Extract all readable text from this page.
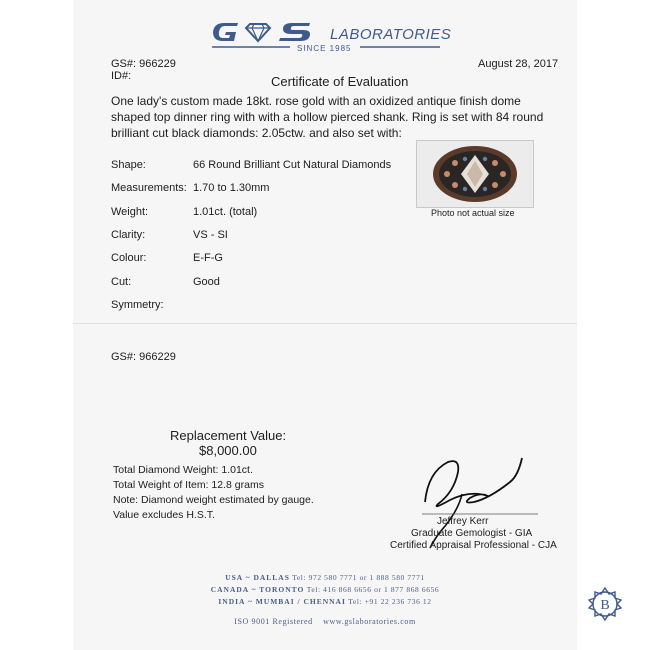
LABORATORIES
SINCE 1985
GS#: 966229
ID#:
August 28, 2017
Certificate of Evaluation
One lady's custom made 18kt. rose gold with an oxidized antique finish dome
shaped top dinner ring with with a hollow pierced shank. Ring is set with 84 round
brilliant cut black diamonds: 2.05ctw. and also set with:
Shape:	66 Round Brilliant Cut Natural Diamonds
Measurements: 1.70 to 1.30mm
Weight:	1.01ct. (total)
Clarity:	VS - SI
Colour:	E-F-G
Cut:	Good
Symmetry:
Photo not actual size
GS#: 966229
Replacement Value:
$8,000.00
Total Diamond Weight: 1.01ct.
Total Weight of Item: 12.8 grams
Note: Diamond weight estimated by gauge.
Value excludes H.S.T.
Jeffrey Kerr
Graduate Gemologist - GIA
Certified Appraisal Professional - CJA
USA ~ DALLAS Tel: 972 580 7771 or 1 888 580 7771
CANADA ~ TORONTO Tel: 416 868 6656 or 1 877 868 6656
INDIA ~ MUMBAI / CHENNAI Tel: +91 22 236 736 12
ISO 9001 Registered www.gslaboratories.com
B
